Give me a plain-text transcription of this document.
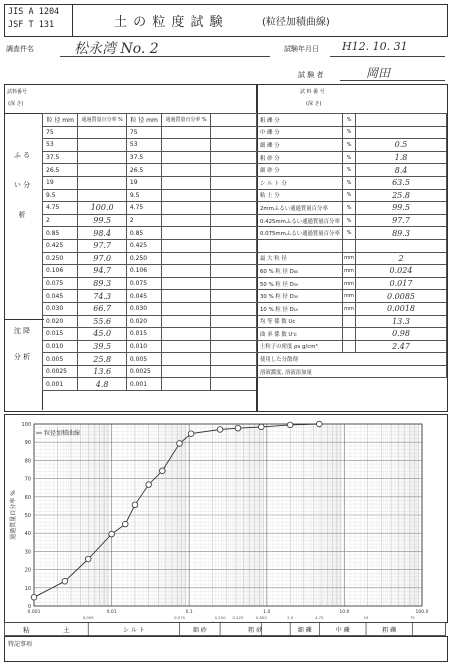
JIS A 1204
JSF T 131	土 の 粒 度 試 験	(粒径加積曲線)
調査件名	松永湾 No. 2	試験年月日 H12. 10. 31
試 験 者	岡田
試料番号
(深 さ)
粒 径 mm	通過質量百分率 %	粒 径 mm	通過質量百分率 %	
75		75		
53		53		
37.5		37.5		
26.5		26.5		
19		19		
9.5		9.5		
4.75	100.0	4.75		
2	99.5	2		
0.85	98.4	0.85		
0.425	97.7	0.425		
0.250	97.0	0.250		
0.106	94.7	0.106		
0.075	89.3	0.075		
0.045	74.3	0.045		
0.030	66.7	0.030		
0.020	55.6	0.020		
0.015	45.0	0.015		
0.010	39.5	0.010		
0.005	25.8	0.005		
0.0025	13.6	0.0025		
0.001	4.8	0.001		
ふ る い 分 析
沈 降 分 析
試 料 番 号
(深 さ)
粗 礫 分	%	
中 礫 分	%	
細 礫 分	%	0.5
粗 砂 分	%	1.8
細 砂 分	%	8.4
シ ル ト 分	%	63.5
粘 土 分	%	25.8
2mmふるい通過質量百分率	%	99.5
0.425mmふるい通過質量百分率	%	97.7
0.075mmふるい通過質量百分率	%	89.3

最 大 粒 径	mm	2
60 % 粒 径 D₆₀	mm	0.024
50 % 粒 径 D₅₀	mm	0.017
30 % 粒 径 D₃₀	mm	0.0085
10 % 粒 径 D₁₀	mm	0.0018
均 等 係 数 Uc		13.3
曲 率 係 数 U'c		0.98
土粒子の密度 ρs g/cm³		2.47
使用した分散剤		
溶液濃度, 溶液添加量		
0
10
20
30
40
50
60
70
80
90
100
0.001	0.01	0.1	1.0	10.0	100.0
0.005	0.075	0.250 0.425	0.850	2.0	4.75	19	75
通過質量百分率 %
粒径加積曲線
粘	土	シ ル ト	細 砂	粗 砂	細 礫	中 礫	粗 礫
特記事項
